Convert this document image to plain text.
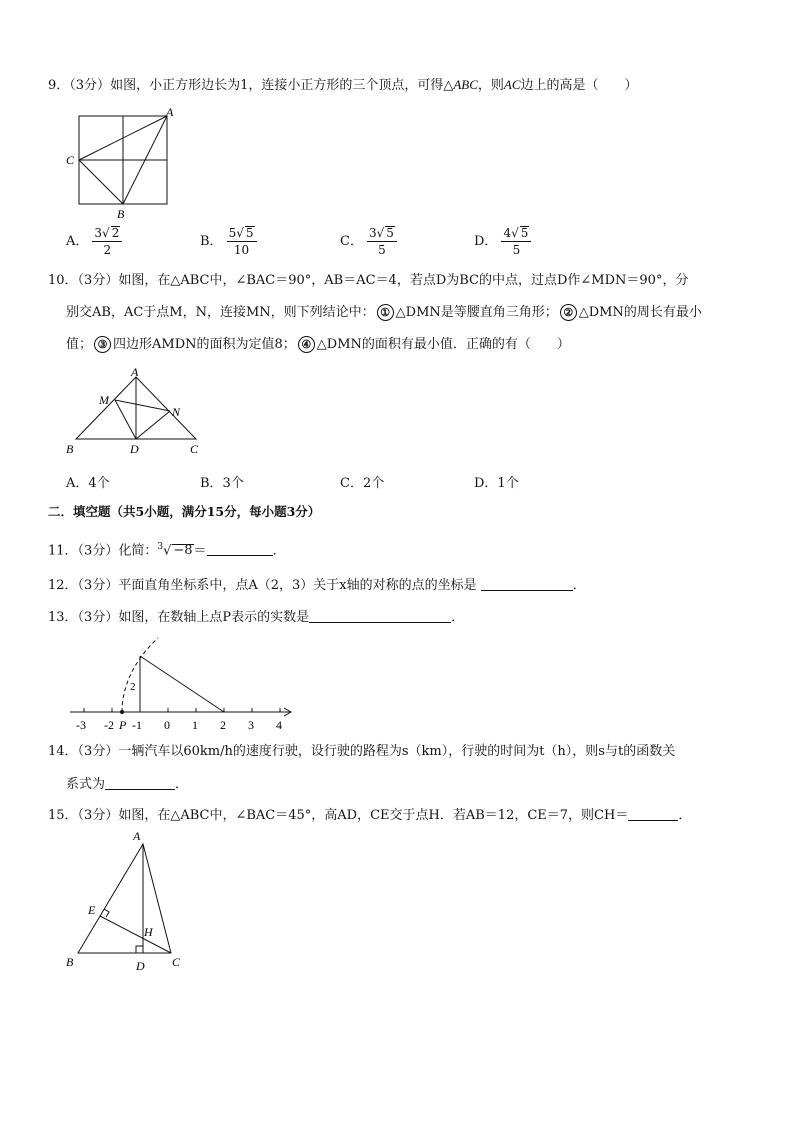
9．（3分）如图，小正方形边长为1，连接小正方形的三个顶点，可得△ABC，则AC边上的高是（　　）
A
C
B
A． $\frac{3√ 2}{2}$	B． $\frac{5√ 5}{10}$	C． $\frac{3√ 5}{5}$	D． $\frac{4√ 5}{5}$
10．（3分）如图，在△ABC中，∠BAC＝90°，AB＝AC＝4，若点D为BC的中点，过点D作∠MDN＝90°，分
别交AB，AC于点M，N，连接MN，则下列结论中： ① △DMN是等腰直角三角形； ② △DMN的周长有最小
值； ③ 四边形AMDN的面积为定值8； ④ △DMN的面积有最小值．正确的有（　　）
A
M
N
B	D	C
A．4个	B．3个	C．2个	D．1个
二．填空题（共5小题，满分15分，每小题3分）
11．（3分）化简：$^3$√ −8＝	．
12．（3分）平面直角坐标系中，点A（2，3）关于x轴的对称的点的坐标是	．
13．（3分）如图，在数轴上点P表示的实数是	．
2
-3 -2 P -1 0 1 2 3 4
14．（3分）一辆汽车以60km/h的速度行驶，设行驶的路程为s（km），行驶的时间为t（h），则s与t的函数关
系式为	．
15．（3分）如图，在△ABC中，∠BAC＝45°，高AD，CE交于点H．若AB＝12，CE＝7，则CH＝	．
A
E
H
B	D C
